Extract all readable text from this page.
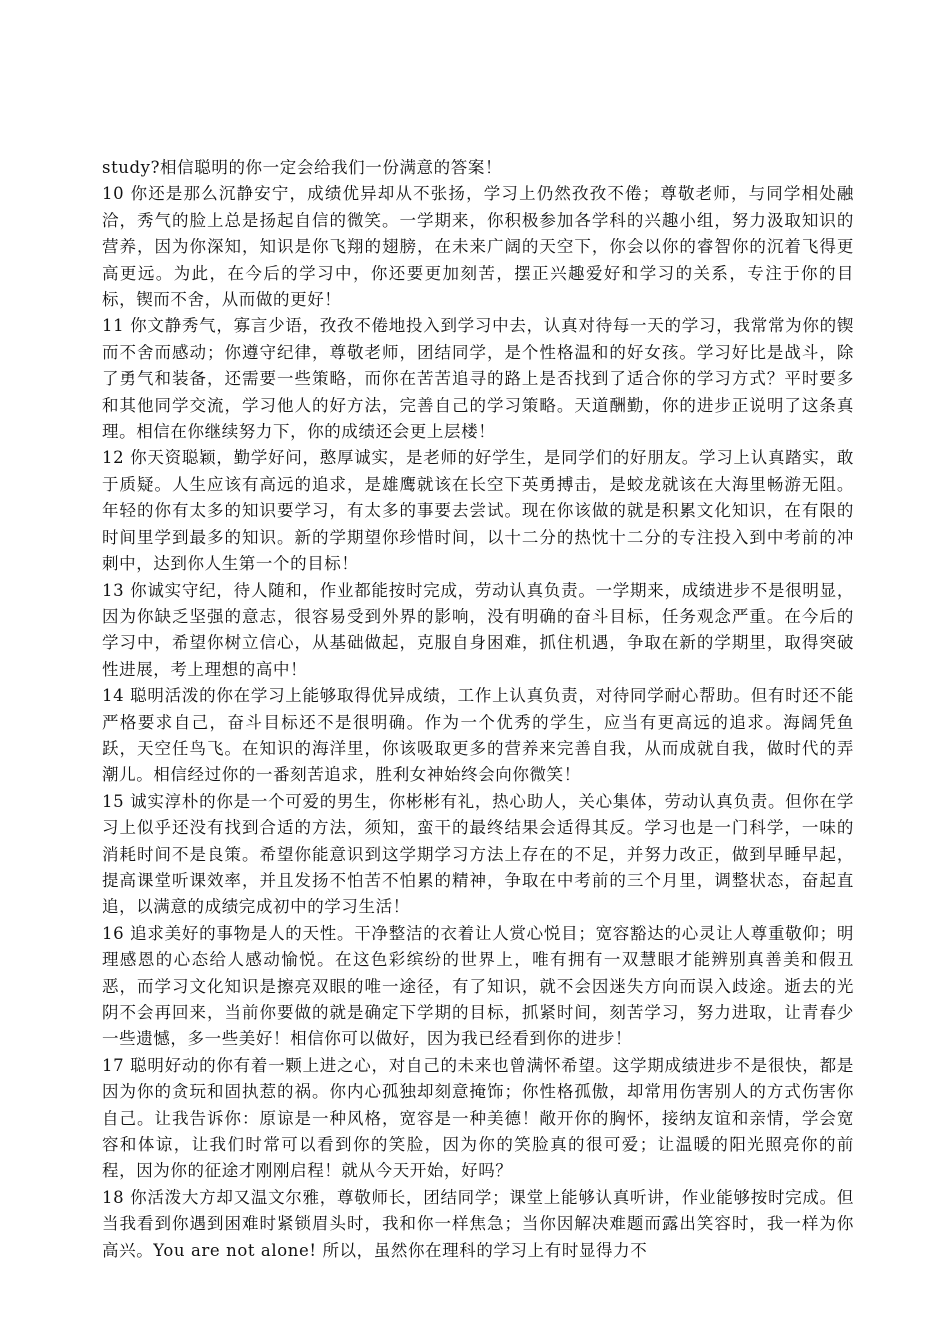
study?相信聪明的你一定会给我们一份满意的答案！

10 你还是那么沉静安宁，成绩优异却从不张扬，学习上仍然孜孜不倦；尊敬老师，与同学相处融洽，秀气的脸上总是扬起自信的微笑。一学期来，你积极参加各学科的兴趣小组，努力汲取知识的营养，因为你深知，知识是你飞翔的翅膀，在未来广阔的天空下，你会以你的睿智你的沉着飞得更高更远。为此，在今后的学习中，你还要更加刻苦，摆正兴趣爱好和学习的关系，专注于你的目标，锲而不舍，从而做的更好！

11 你文静秀气，寡言少语，孜孜不倦地投入到学习中去，认真对待每一天的学习，我常常为你的锲而不舍而感动；你遵守纪律，尊敬老师，团结同学，是个性格温和的好女孩。学习好比是战斗，除了勇气和装备，还需要一些策略，而你在苦苦追寻的路上是否找到了适合你的学习方式？平时要多和其他同学交流，学习他人的好方法，完善自己的学习策略。天道酬勤，你的进步正说明了这条真理。相信在你继续努力下，你的成绩还会更上层楼！

12 你天资聪颖，勤学好问，憨厚诚实，是老师的好学生，是同学们的好朋友。学习上认真踏实，敢于质疑。人生应该有高远的追求，是雄鹰就该在长空下英勇搏击，是蛟龙就该在大海里畅游无阻。年轻的你有太多的知识要学习，有太多的事要去尝试。现在你该做的就是积累文化知识，在有限的时间里学到最多的知识。新的学期望你珍惜时间，以十二分的热忱十二分的专注投入到中考前的冲刺中，达到你人生第一个的目标！

13 你诚实守纪，待人随和，作业都能按时完成，劳动认真负责。一学期来，成绩进步不是很明显，因为你缺乏坚强的意志，很容易受到外界的影响，没有明确的奋斗目标，任务观念严重。在今后的学习中，希望你树立信心，从基础做起，克服自身困难，抓住机遇，争取在新的学期里，取得突破性进展，考上理想的高中！

14 聪明活泼的你在学习上能够取得优异成绩，工作上认真负责，对待同学耐心帮助。但有时还不能严格要求自己，奋斗目标还不是很明确。作为一个优秀的学生，应当有更高远的追求。海阔凭鱼跃，天空任鸟飞。在知识的海洋里，你该吸取更多的营养来完善自我，从而成就自我，做时代的弄潮儿。相信经过你的一番刻苦追求，胜利女神始终会向你微笑！

15 诚实淳朴的你是一个可爱的男生，你彬彬有礼，热心助人，关心集体，劳动认真负责。但你在学习上似乎还没有找到合适的方法，须知，蛮干的最终结果会适得其反。学习也是一门科学，一味的消耗时间不是良策。希望你能意识到这学期学习方法上存在的不足，并努力改正，做到早睡早起，提高课堂听课效率，并且发扬不怕苦不怕累的精神，争取在中考前的三个月里，调整状态，奋起直追，以满意的成绩完成初中的学习生活！

16 追求美好的事物是人的天性。干净整洁的衣着让人赏心悦目；宽容豁达的心灵让人尊重敬仰；明理感恩的心态给人感动愉悦。在这色彩缤纷的世界上，唯有拥有一双慧眼才能辨别真善美和假丑恶，而学习文化知识是擦亮双眼的唯一途径，有了知识，就不会因迷失方向而误入歧途。逝去的光阴不会再回来，当前你要做的就是确定下学期的目标，抓紧时间，刻苦学习，努力进取，让青春少一些遗憾，多一些美好！相信你可以做好，因为我已经看到你的进步！

17 聪明好动的你有着一颗上进之心，对自己的未来也曾满怀希望。这学期成绩进步不是很快，都是因为你的贪玩和固执惹的祸。你内心孤独却刻意掩饰；你性格孤傲，却常用伤害别人的方式伤害你自己。让我告诉你：原谅是一种风格，宽容是一种美德！敞开你的胸怀，接纳友谊和亲情，学会宽容和体谅，让我们时常可以看到你的笑脸，因为你的笑脸真的很可爱；让温暖的阳光照亮你的前程，因为你的征途才刚刚启程！就从今天开始，好吗？

18 你活泼大方却又温文尔雅，尊敬师长，团结同学；课堂上能够认真听讲，作业能够按时完成。但当我看到你遇到困难时紧锁眉头时，我和你一样焦急；当你因解决难题而露出笑容时，我一样为你高兴。You are not alone! 所以，虽然你在理科的学习上有时显得力不
